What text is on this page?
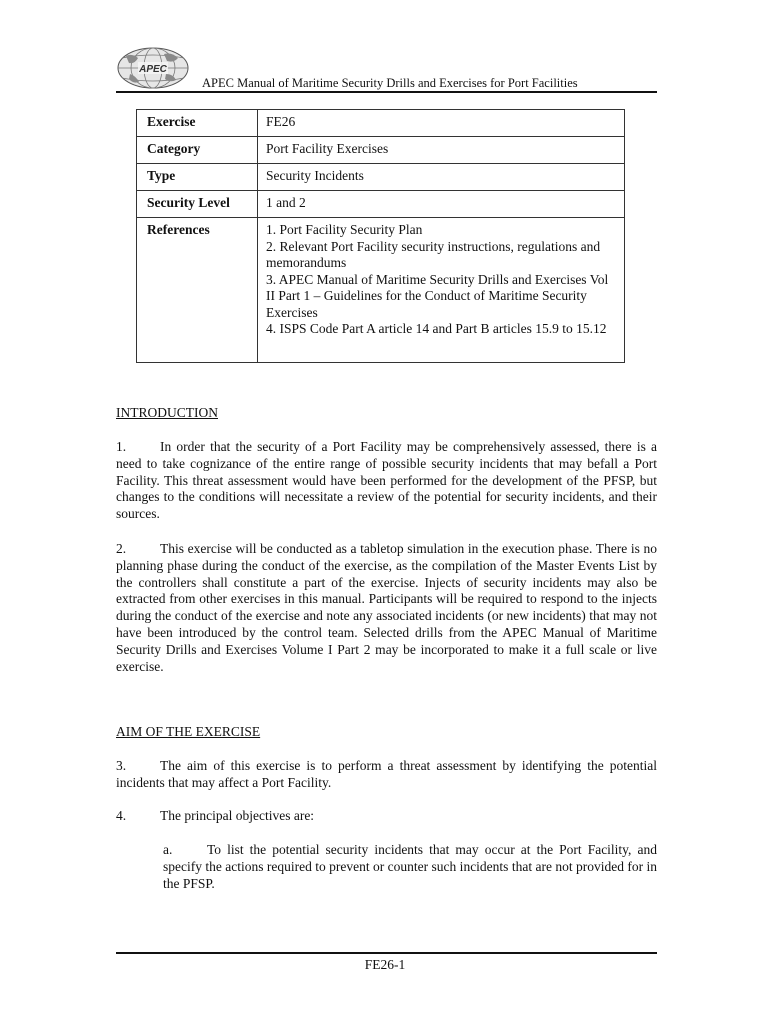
APEC
APEC Manual of Maritime Security Drills and Exercises for Port Facilities
Exercise	FE26
Category	Port Facility Exercises
Type	Security Incidents
Security Level	1 and 2
References	1. Port Facility Security Plan
2. Relevant Port Facility security instructions, regulations and memorandums
3. APEC Manual of Maritime Security Drills and Exercises Vol II Part 1 – Guidelines for the Conduct of Maritime Security Exercises
4. ISPS Code Part A article 14 and Part B articles 15.9 to 15.12
INTRODUCTION
1.	In order that the security of a Port Facility may be comprehensively assessed, there is a need to take cognizance of the entire range of possible security incidents that may befall a Port Facility. This threat assessment would have been performed for the development of the PFSP, but changes to the conditions will necessitate a review of the potential for security incidents, and their sources.
2.	This exercise will be conducted as a tabletop simulation in the execution phase. There is no planning phase during the conduct of the exercise, as the compilation of the Master Events List by the controllers shall constitute a part of the exercise. Injects of security incidents may also be extracted from other exercises in this manual. Participants will be required to respond to the injects during the conduct of the exercise and note any associated incidents (or new incidents) that may not have been introduced by the control team. Selected drills from the APEC Manual of Maritime Security Drills and Exercises Volume I Part 2 may be incorporated to make it a full scale or live exercise.
AIM OF THE EXERCISE
3.	The aim of this exercise is to perform a threat assessment by identifying the potential incidents that may affect a Port Facility.
4.	The principal objectives are:
a.	To list the potential security incidents that may occur at the Port Facility, and specify the actions required to prevent or counter such incidents that are not provided for in the PFSP.
FE26-1
